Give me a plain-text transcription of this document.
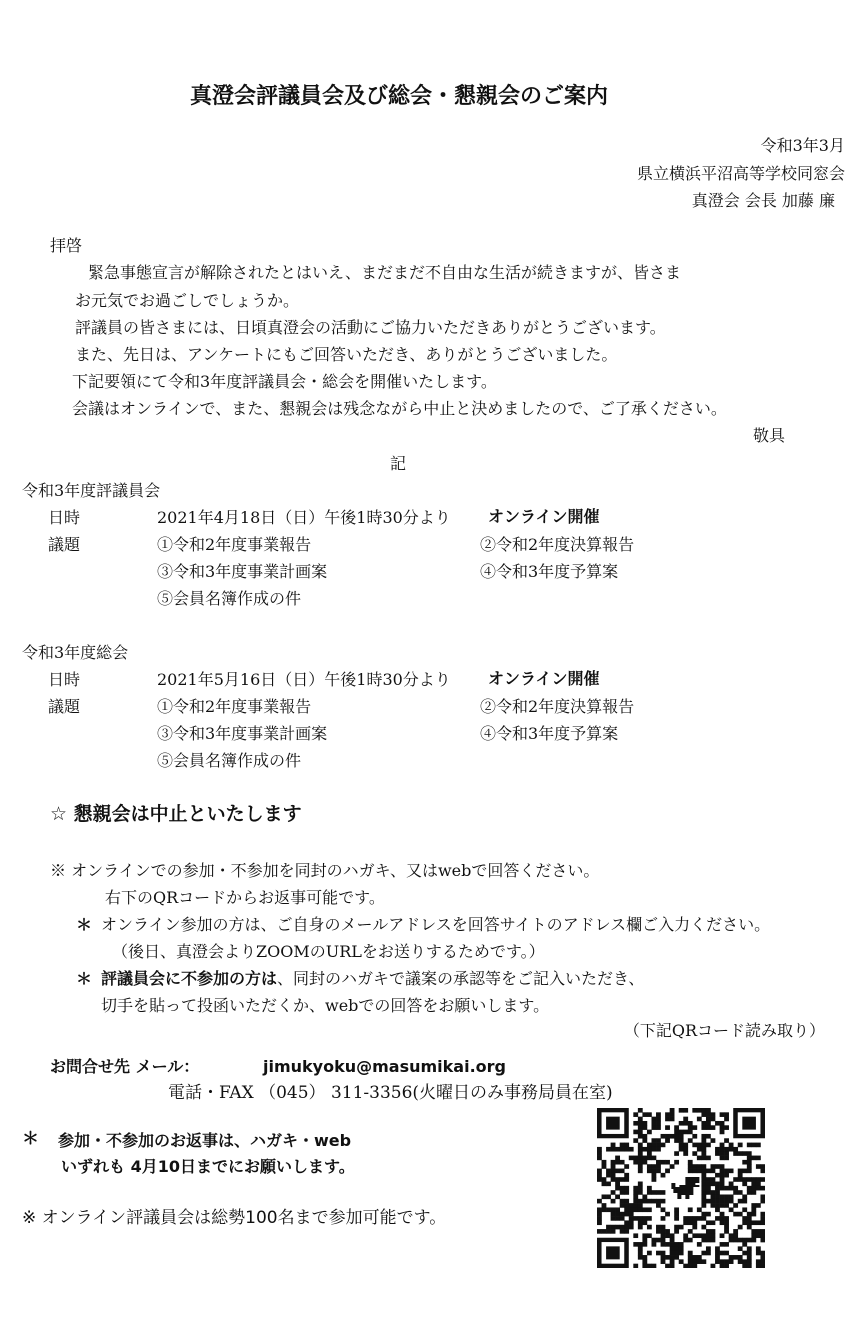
真澄会評議員会及び総会・懇親会のご案内
令和3年3月
県立横浜平沼高等学校同窓会
真澄会 会長 加藤 廉
拝啓
緊急事態宣言が解除されたとはいえ、まだまだ不自由な生活が続きますが、皆さま
お元気でお過ごしでしょうか。
評議員の皆さまには、日頃真澄会の活動にご協力いただきありがとうございます。
また、先日は、アンケートにもご回答いただき、ありがとうございました。
下記要領にて令和3年度評議員会・総会を開催いたします。
会議はオンラインで、また、懇親会は残念ながら中止と決めましたので、ご了承ください。
敬具
記
令和3年度評議員会
日時	2021年4月18日（日）午後1時30分より オンライン開催
議題	①令和2年度事業報告	②令和2年度決算報告
③令和3年度事業計画案	④令和3年度予算案
⑤会員名簿作成の件
令和3年度総会
日時	2021年5月16日（日）午後1時30分より オンライン開催
議題	①令和2年度事業報告	②令和2年度決算報告
③令和3年度事業計画案	④令和3年度予算案
⑤会員名簿作成の件
☆ 懇親会は中止といたします
※ オンラインでの参加・不参加を同封のハガキ、又はwebで回答ください。
右下のQRコードからお返事可能です。
＊ オンライン参加の方は、ご自身のメールアドレスを回答サイトのアドレス欄ご入力ください。
（後日、真澄会よりZOOMのURLをお送りするためです。）
＊ 評議員会に不参加の方は、同封のハガキで議案の承認等をご記入いただき、
切手を貼って投函いただくか、webでの回答をお願いします。
（下記QRコード読み取り）
お問合せ先 メール：	jimukyoku@masumikai.org
電話・FAX （045） 311-3356(火曜日のみ事務局員在室)
＊ 参加・不参加のお返事は、ハガキ・web
いずれも 4月10日までにお願いします。
※ オンライン評議員会は総勢100名まで参加可能です。
